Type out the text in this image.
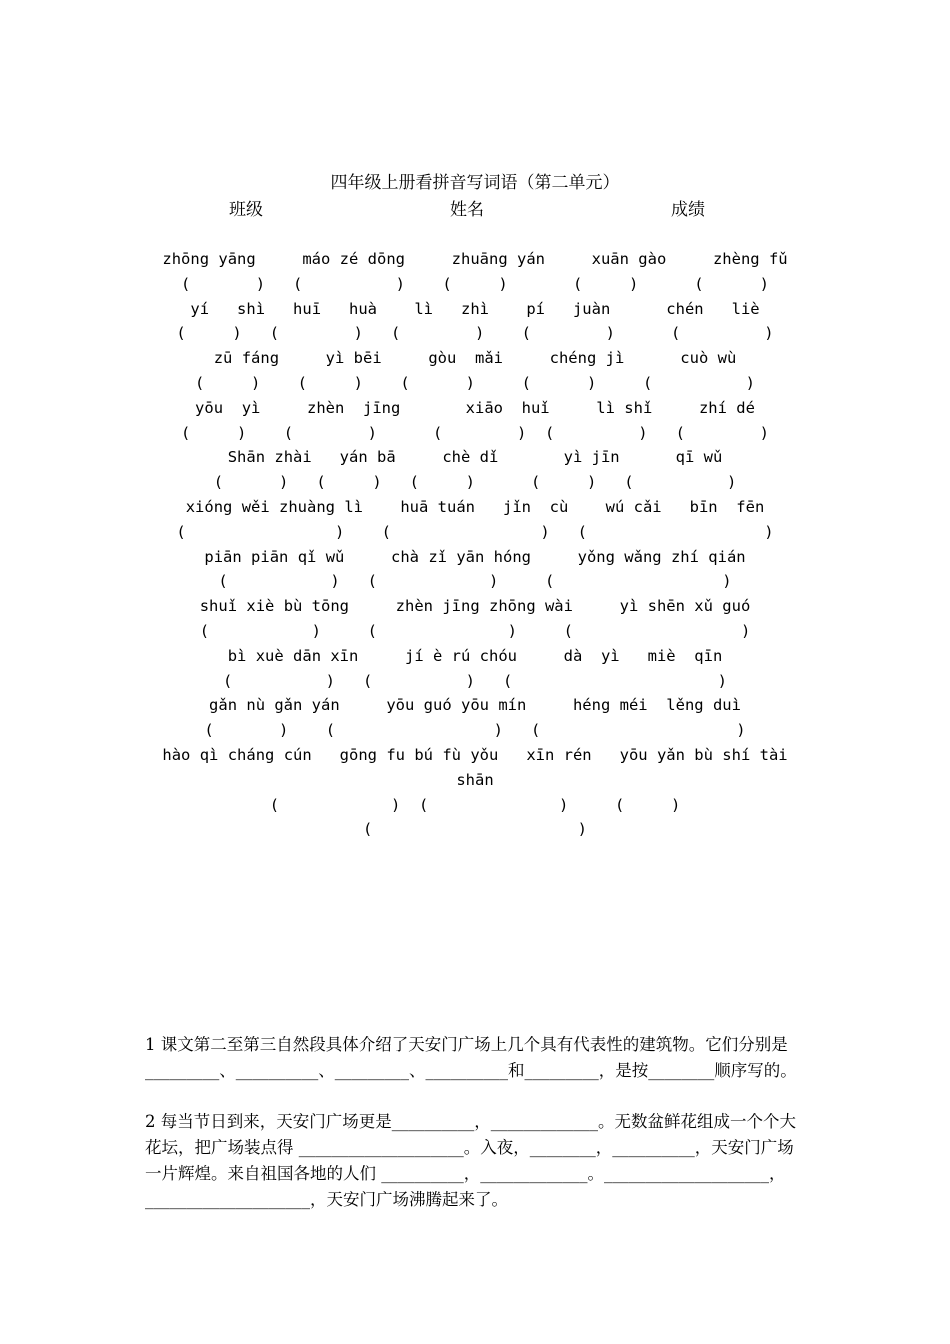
四年级上册看拼音写词语（第二单元）
班级	姓名	成绩
zhōng yāng     máo zé dōng     zhuāng yán     xuān gào     zhèng fǔ
(       )   (          )    (     )       (     )      (      )
yí   shì   huī   huà    lì   zhì    pí   juàn      chén   liè
(     )   (        )   (        )    (        )      (         )
zū fáng     yì bēi     gòu  mǎi     chéng jì      cuò wù
(     )    (     )    (      )     (      )     (          )
yōu  yì     zhèn  jīng       xiāo  huǐ     lì shǐ     zhí dé
(     )    (        )      (        )  (         )   (        )
Shān zhài   yán bā     chè dǐ       yì jīn      qī wǔ
(      )   (     )   (     )      (     )   (          )
xióng wěi zhuàng lì    huā tuán   jǐn  cù    wú cǎi   bīn  fēn
(                )    (                )   (                   )
piān piān qǐ wǔ     chà zǐ yān hóng     yǒng wǎng zhí qián
(           )   (            )     (                  )
shuǐ xiè bù tōng     zhèn jīng zhōng wài     yì shēn xǔ guó
(           )     (              )     (                  )
bì xuè dān xīn     jí è rú chóu     dà  yì   miè  qīn
(          )   (          )   (                      )
gǎn nù gǎn yán     yōu guó yōu mín     héng méi  lěng duì
(       )    (                 )   (                     )
hào qì cháng cún   gōng fu bú fù yǒu   xīn rén   yōu yǎn bù shí tài
shān
(            )  (              )     (     )
(                      )
1 课文第二至第三自然段具体介绍了天安门广场上几个具有代表性的建筑物。它们分别是_________、__________、_________、__________和_________，是按________顺序写的。
2 每当节日到来，天安门广场更是__________，_____________。无数盆鲜花组成一个个大花坛，把广场装点得 ____________________。入夜，________，__________，天安门广场一片辉煌。来自祖国各地的人们 __________，_____________。____________________，____________________，天安门广场沸腾起来了。
